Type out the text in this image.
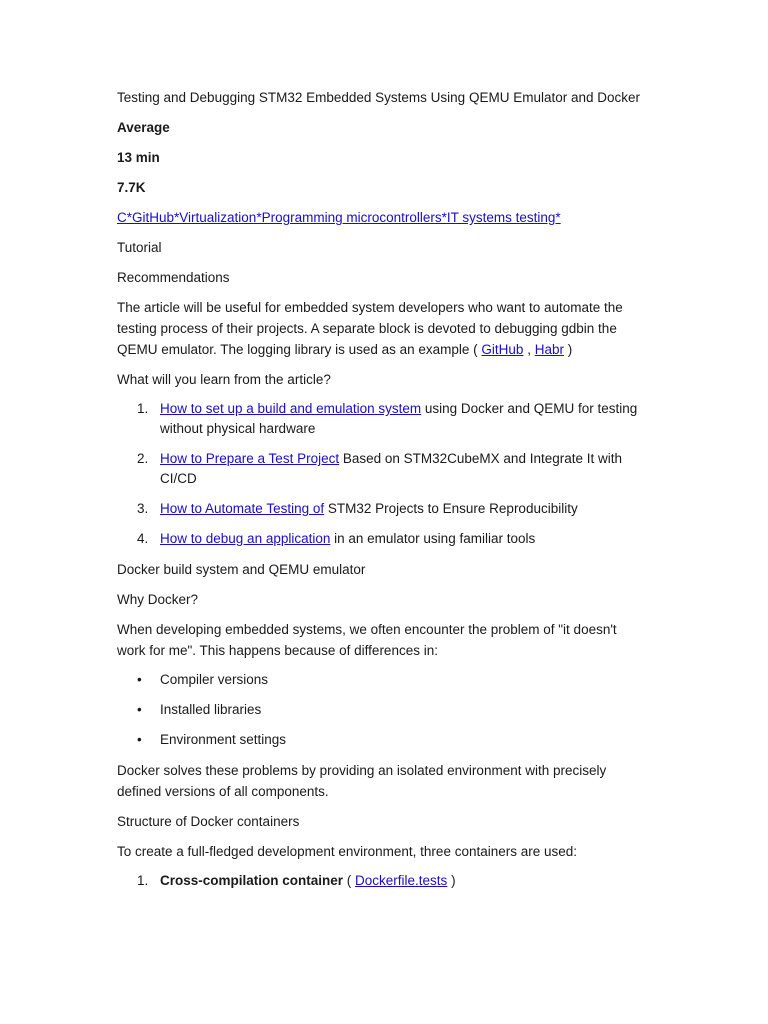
Testing and Debugging STM32 Embedded Systems Using QEMU Emulator and Docker

Average

13 min

7.7K

C*GitHub*Virtualization*Programming microcontrollers*IT systems testing*

Tutorial

Recommendations

The article will be useful for embedded system developers who want to automate the testing process of their projects. A separate block is devoted to debugging gdbin the QEMU emulator. The logging library is used as an example ( GitHub , Habr )

What will you learn from the article?

1. How to set up a build and emulation system using Docker and QEMU for testing without physical hardware
2. How to Prepare a Test Project Based on STM32CubeMX and Integrate It with CI/CD
3. How to Automate Testing of STM32 Projects to Ensure Reproducibility
4. How to debug an application in an emulator using familiar tools

Docker build system and QEMU emulator

Why Docker?

When developing embedded systems, we often encounter the problem of "it doesn't work for me". This happens because of differences in:

• Compiler versions
• Installed libraries
• Environment settings

Docker solves these problems by providing an isolated environment with precisely defined versions of all components.

Structure of Docker containers

To create a full-fledged development environment, three containers are used:

1. Cross-compilation container ( Dockerfile.tests )
